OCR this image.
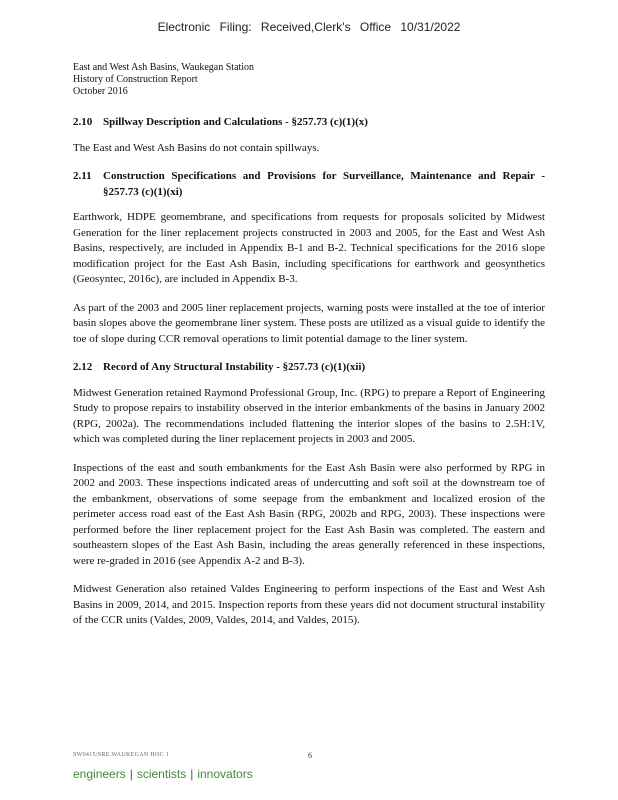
Electronic Filing: Received,Clerk's Office 10/31/2022
East and West Ash Basins, Waukegan Station
History of Construction Report
October 2016
2.10 Spillway Description and Calculations - §257.73 (c)(1)(x)

The East and West Ash Basins do not contain spillways.

2.11	Construction Specifications and Provisions for Surveillance, Maintenance and Repair - §257.73 (c)(1)(xi)

Earthwork, HDPE geomembrane, and specifications from requests for proposals solicited by Midwest Generation for the liner replacement projects constructed in 2003 and 2005, for the East and West Ash Basins, respectively, are included in Appendix B-1 and B-2. Technical specifications for the 2016 slope modification project for the East Ash Basin, including specifications for earthwork and geosynthetics (Geosyntec, 2016c), are included in Appendix B-3.

As part of the 2003 and 2005 liner replacement projects, warning posts were installed at the toe of interior basin slopes above the geomembrane liner system. These posts are utilized as a visual guide to identify the toe of slope during CCR removal operations to limit potential damage to the liner system.

2.12 Record of Any Structural Instability - §257.73 (c)(1)(xii)

Midwest Generation retained Raymond Professional Group, Inc. (RPG) to prepare a Report of Engineering Study to propose repairs to instability observed in the interior embankments of the basins in January 2002 (RPG, 2002a). The recommendations included flattening the interior slopes of the basins to 2.5H:1V, which was completed during the liner replacement projects in 2003 and 2005.

Inspections of the east and south embankments for the East Ash Basin were also performed by RPG in 2002 and 2003. These inspections indicated areas of undercutting and soft soil at the downstream toe of the embankment, observations of some seepage from the embankment and localized erosion of the perimeter access road east of the East Ash Basin (RPG, 2002b and RPG, 2003). These inspections were performed before the liner replacement project for the East Ash Basin was completed. The eastern and southeastern slopes of the East Ash Basin, including the areas generally referenced in these inspections, were re-graded in 2016 (see Appendix A-2 and B-3).

Midwest Generation also retained Valdes Engineering to perform inspections of the East and West Ash Basins in 2009, 2014, and 2015. Inspection reports from these years did not document structural instability of the CCR units (Valdes, 2009, Valdes, 2014, and Valdes, 2015).

SW0415/SRE.WAUKEGAN HOC 1	6
engineers | scientists | innovators
